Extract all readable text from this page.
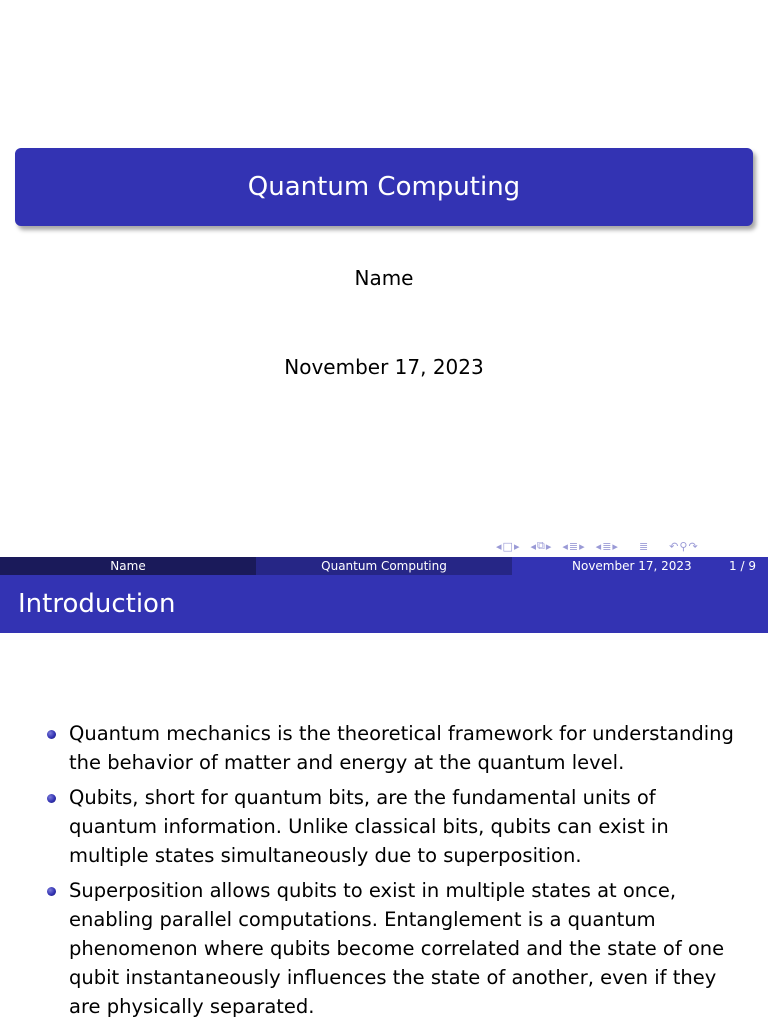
Quantum Computing
Name
November 17, 2023
◂ □ ▸ ◂ ⧉ ▸ ◂ ≣ ▸ ◂ ≣ ▸ ≣ ↶ ⚲ ↷
Name	Quantum Computing	November 17, 2023	1 / 9
Introduction
Quantum mechanics is the theoretical framework for understanding the behavior of matter and energy at the quantum level.
Qubits, short for quantum bits, are the fundamental units of quantum information. Unlike classical bits, qubits can exist in multiple states simultaneously due to superposition.
Superposition allows qubits to exist in multiple states at once, enabling parallel computations. Entanglement is a quantum phenomenon where qubits become correlated and the state of one qubit instantaneously influences the state of another, even if they are physically separated.
